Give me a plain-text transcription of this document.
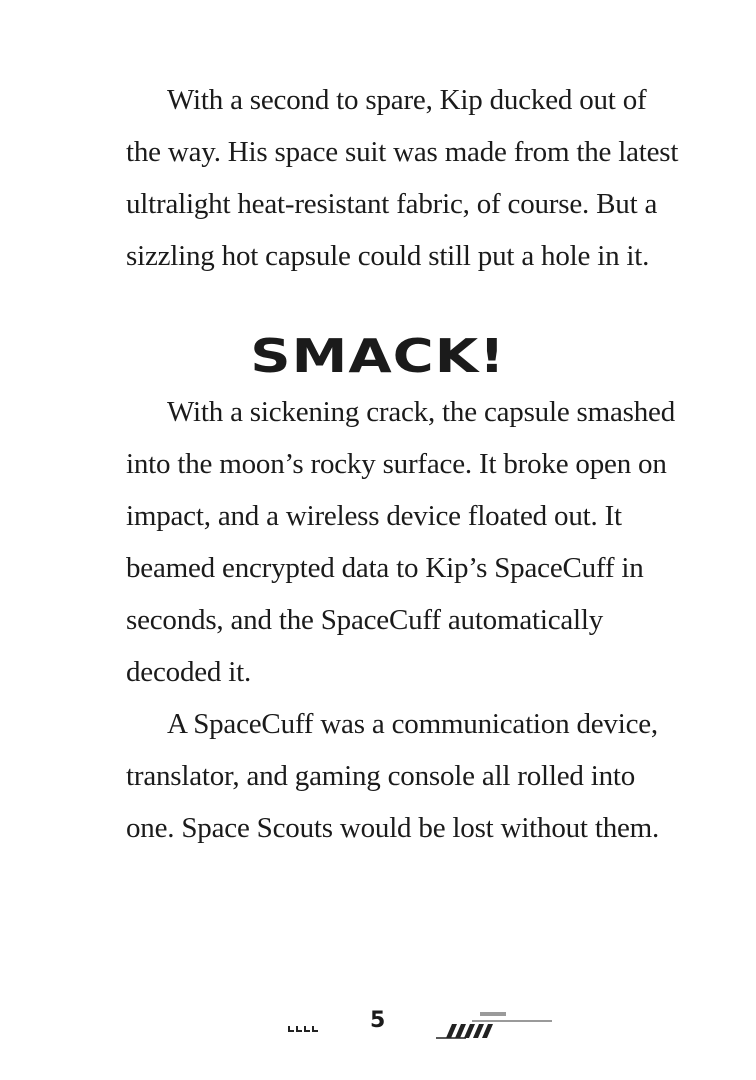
With a second to spare, Kip ducked out of the way. His space suit was made from the latest ultralight heat-resistant fabric, of course. But a sizzling hot capsule could still put a hole in it.

SMACK!

With a sickening crack, the capsule smashed into the moon’s rocky surface. It broke open on impact, and a wireless device floated out. It beamed encrypted data to Kip’s SpaceCuff in seconds, and the SpaceCuff automatically decoded it.

A SpaceCuff was a communication device, translator, and gaming console all rolled into one. Space Scouts would be lost without them.

5
